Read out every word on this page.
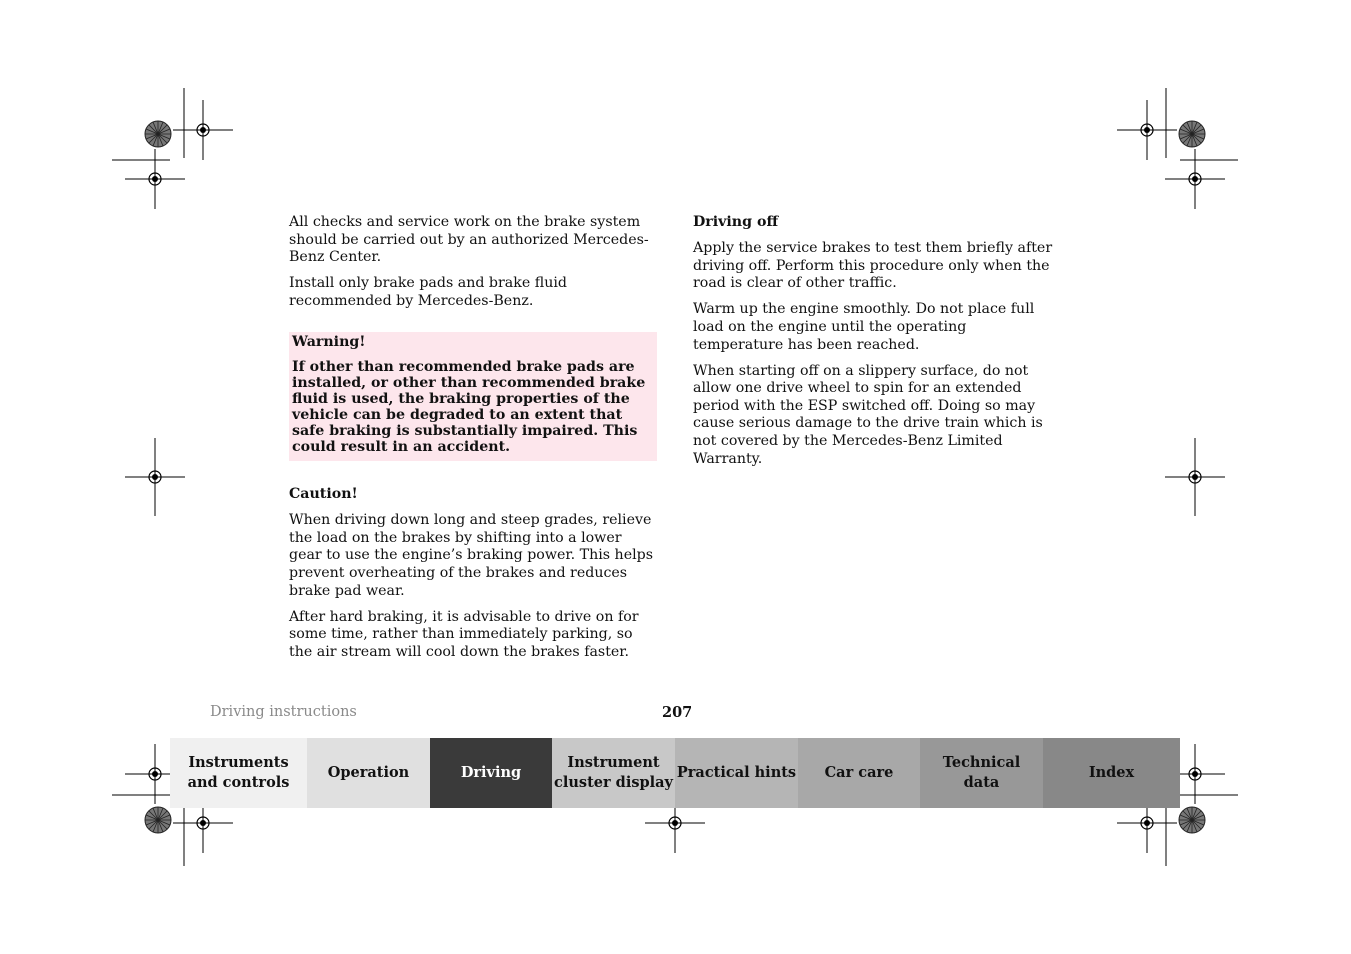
All checks and service work on the brake system should be carried out by an authorized Mercedes-Benz Center.

Install only brake pads and brake fluid recommended by Mercedes-Benz.

Warning!

If other than recommended brake pads are installed, or other than recommended brake fluid is used, the braking properties of the vehicle can be degraded to an extent that safe braking is substantially impaired. This could result in an accident.

Caution!

When driving down long and steep grades, relieve the load on the brakes by shifting into a lower gear to use the engine’s braking power. This helps prevent overheating of the brakes and reduces brake pad wear.

After hard braking, it is advisable to drive on for some time, rather than immediately parking, so the air stream will cool down the brakes faster.

Driving off

Apply the service brakes to test them briefly after driving off. Perform this procedure only when the road is clear of other traffic.

Warm up the engine smoothly. Do not place full load on the engine until the operating temperature has been reached.

When starting off on a slippery surface, do not allow one drive wheel to spin for an extended period with the ESP switched off. Doing so may cause serious damage to the drive train which is not covered by the Mercedes-Benz Limited Warranty.

Driving instructions	207
Instruments
and controls
Operation	Driving
Instrument
cluster display
Practical hints	Car care
Technical
data
Index
